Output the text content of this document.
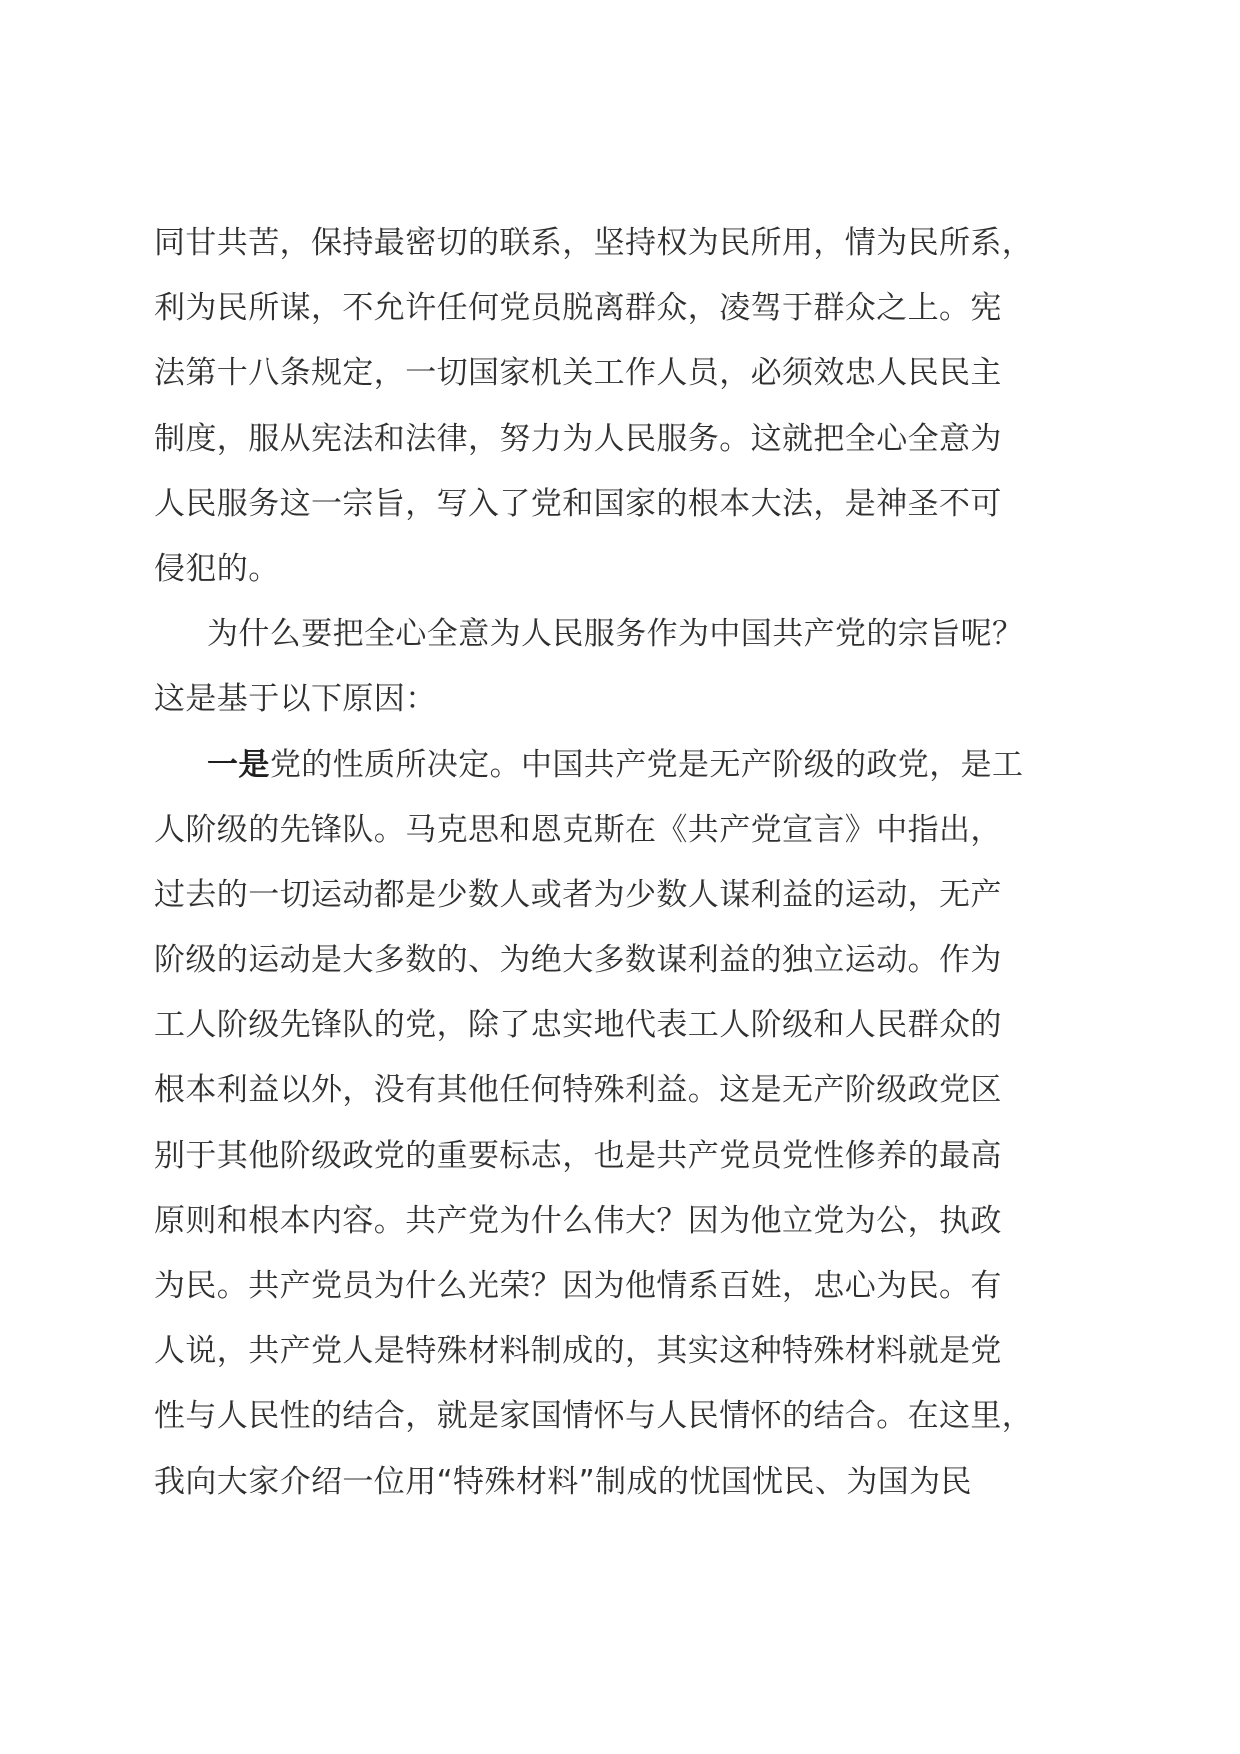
同甘共苦，保持最密切的联系，坚持权为民所用，情为民所系，
利为民所谋，不允许任何党员脱离群众，凌驾于群众之上。宪
法第十八条规定，一切国家机关工作人员，必须效忠人民民主
制度，服从宪法和法律，努力为人民服务。这就把全心全意为
人民服务这一宗旨，写入了党和国家的根本大法，是神圣不可
侵犯的。
为什么要把全心全意为人民服务作为中国共产党的宗旨呢？
这是基于以下原因：
一是党的性质所决定。中国共产党是无产阶级的政党，是工
人阶级的先锋队。马克思和恩克斯在《共产党宣言》中指出，
过去的一切运动都是少数人或者为少数人谋利益的运动，无产
阶级的运动是大多数的、为绝大多数谋利益的独立运动。作为
工人阶级先锋队的党，除了忠实地代表工人阶级和人民群众的
根本利益以外，没有其他任何特殊利益。这是无产阶级政党区
别于其他阶级政党的重要标志，也是共产党员党性修养的最高
原则和根本内容。共产党为什么伟大？因为他立党为公，执政
为民。共产党员为什么光荣？因为他情系百姓，忠心为民。有
人说，共产党人是特殊材料制成的，其实这种特殊材料就是党
性与人民性的结合，就是家国情怀与人民情怀的结合。在这里，
我向大家介绍一位用“特殊材料”制成的忧国忧民、为国为民
